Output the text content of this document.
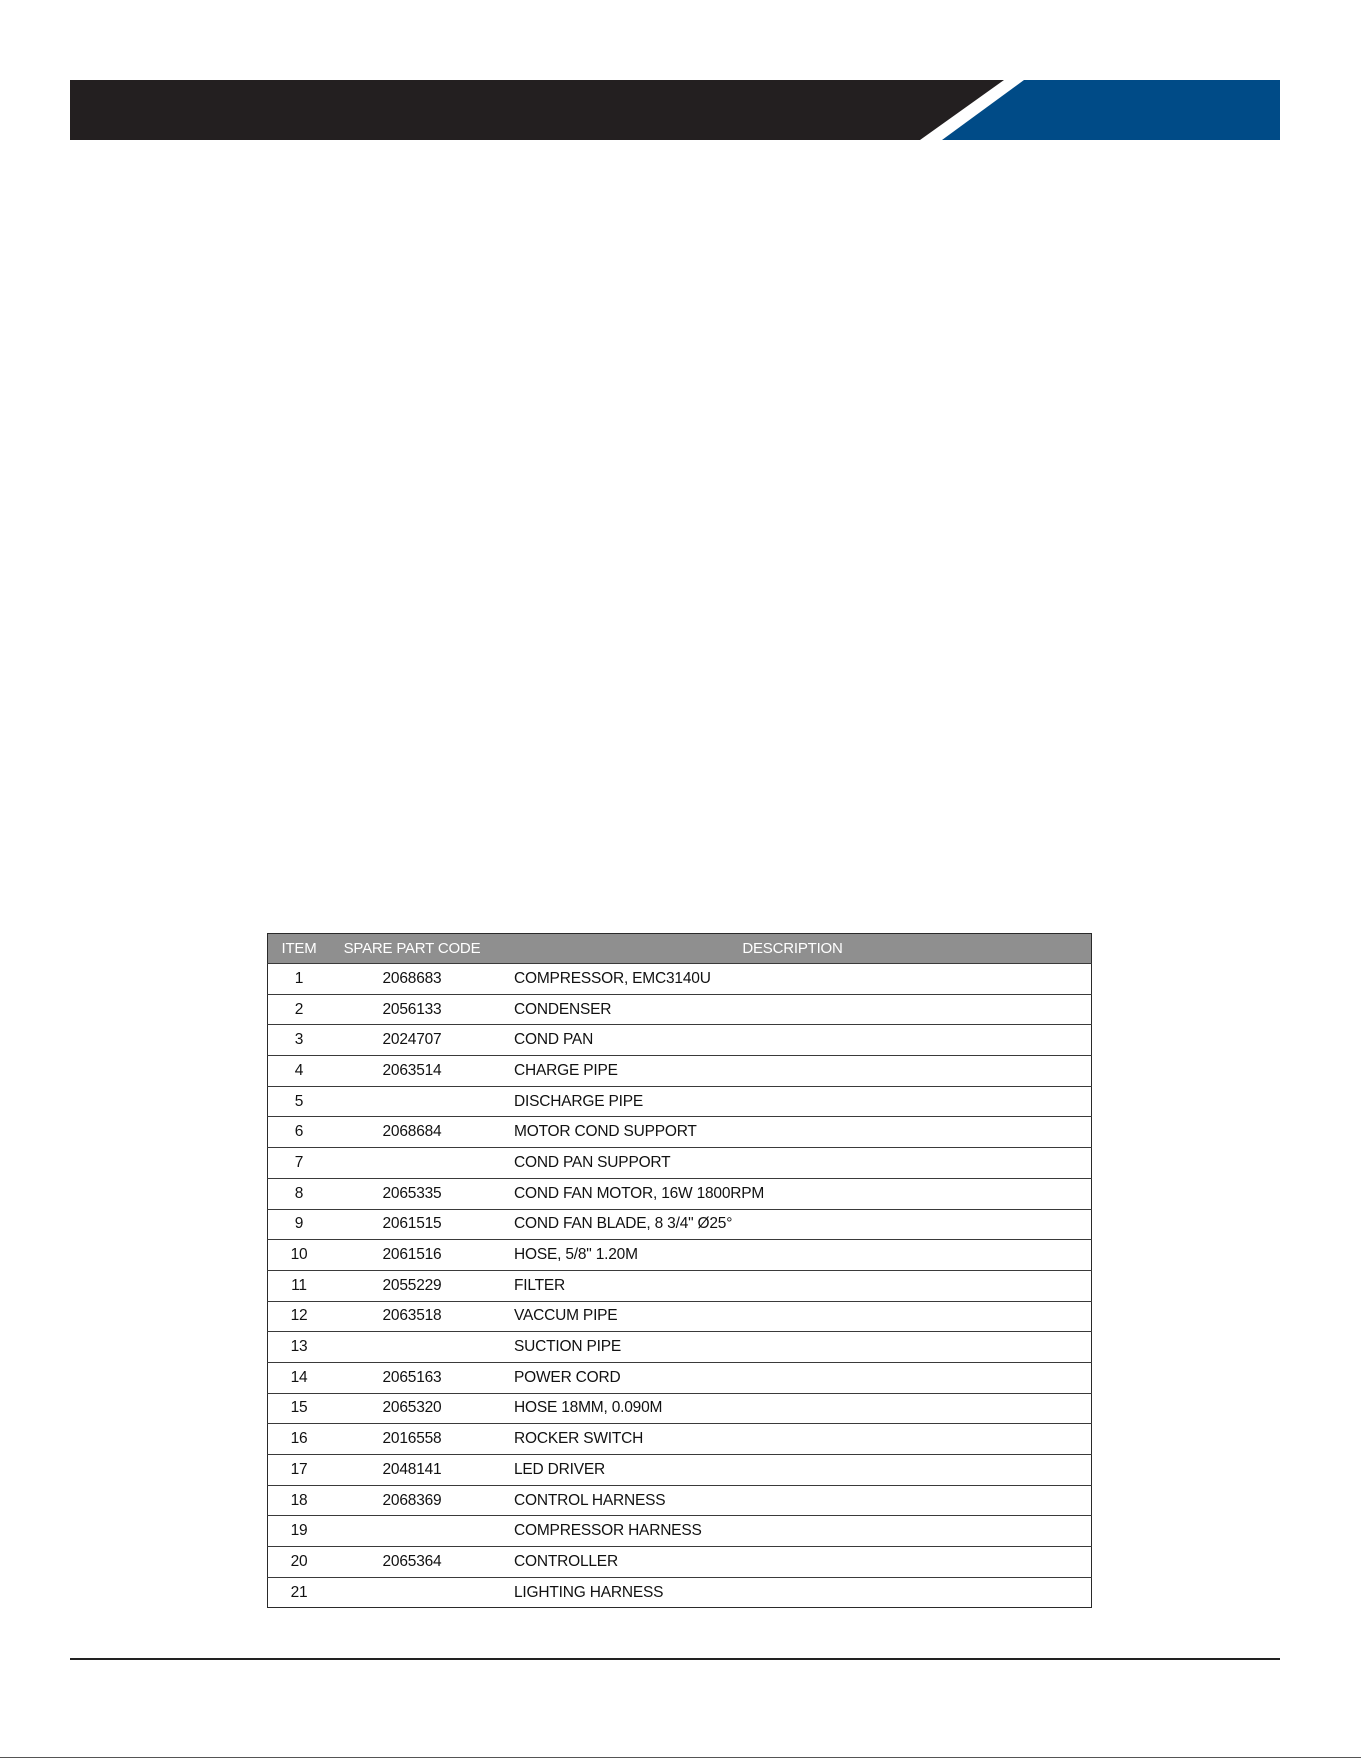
ITEM	SPARE PART CODE	DESCRIPTION
1	2068683	COMPRESSOR, EMC3140U
2	2056133	CONDENSER
3	2024707	COND PAN
4	2063514	CHARGE PIPE
5		DISCHARGE PIPE
6	2068684	MOTOR COND SUPPORT
7		COND PAN SUPPORT
8	2065335	COND FAN MOTOR, 16W 1800RPM
9	2061515	COND FAN BLADE, 8 3/4" Ø25°
10	2061516	HOSE, 5/8" 1.20M
11	2055229	FILTER
12	2063518	VACCUM PIPE
13		SUCTION PIPE
14	2065163	POWER CORD
15	2065320	HOSE 18MM, 0.090M
16	2016558	ROCKER SWITCH
17	2048141	LED DRIVER
18	2068369	CONTROL HARNESS
19		COMPRESSOR HARNESS
20	2065364	CONTROLLER
21		LIGHTING HARNESS
